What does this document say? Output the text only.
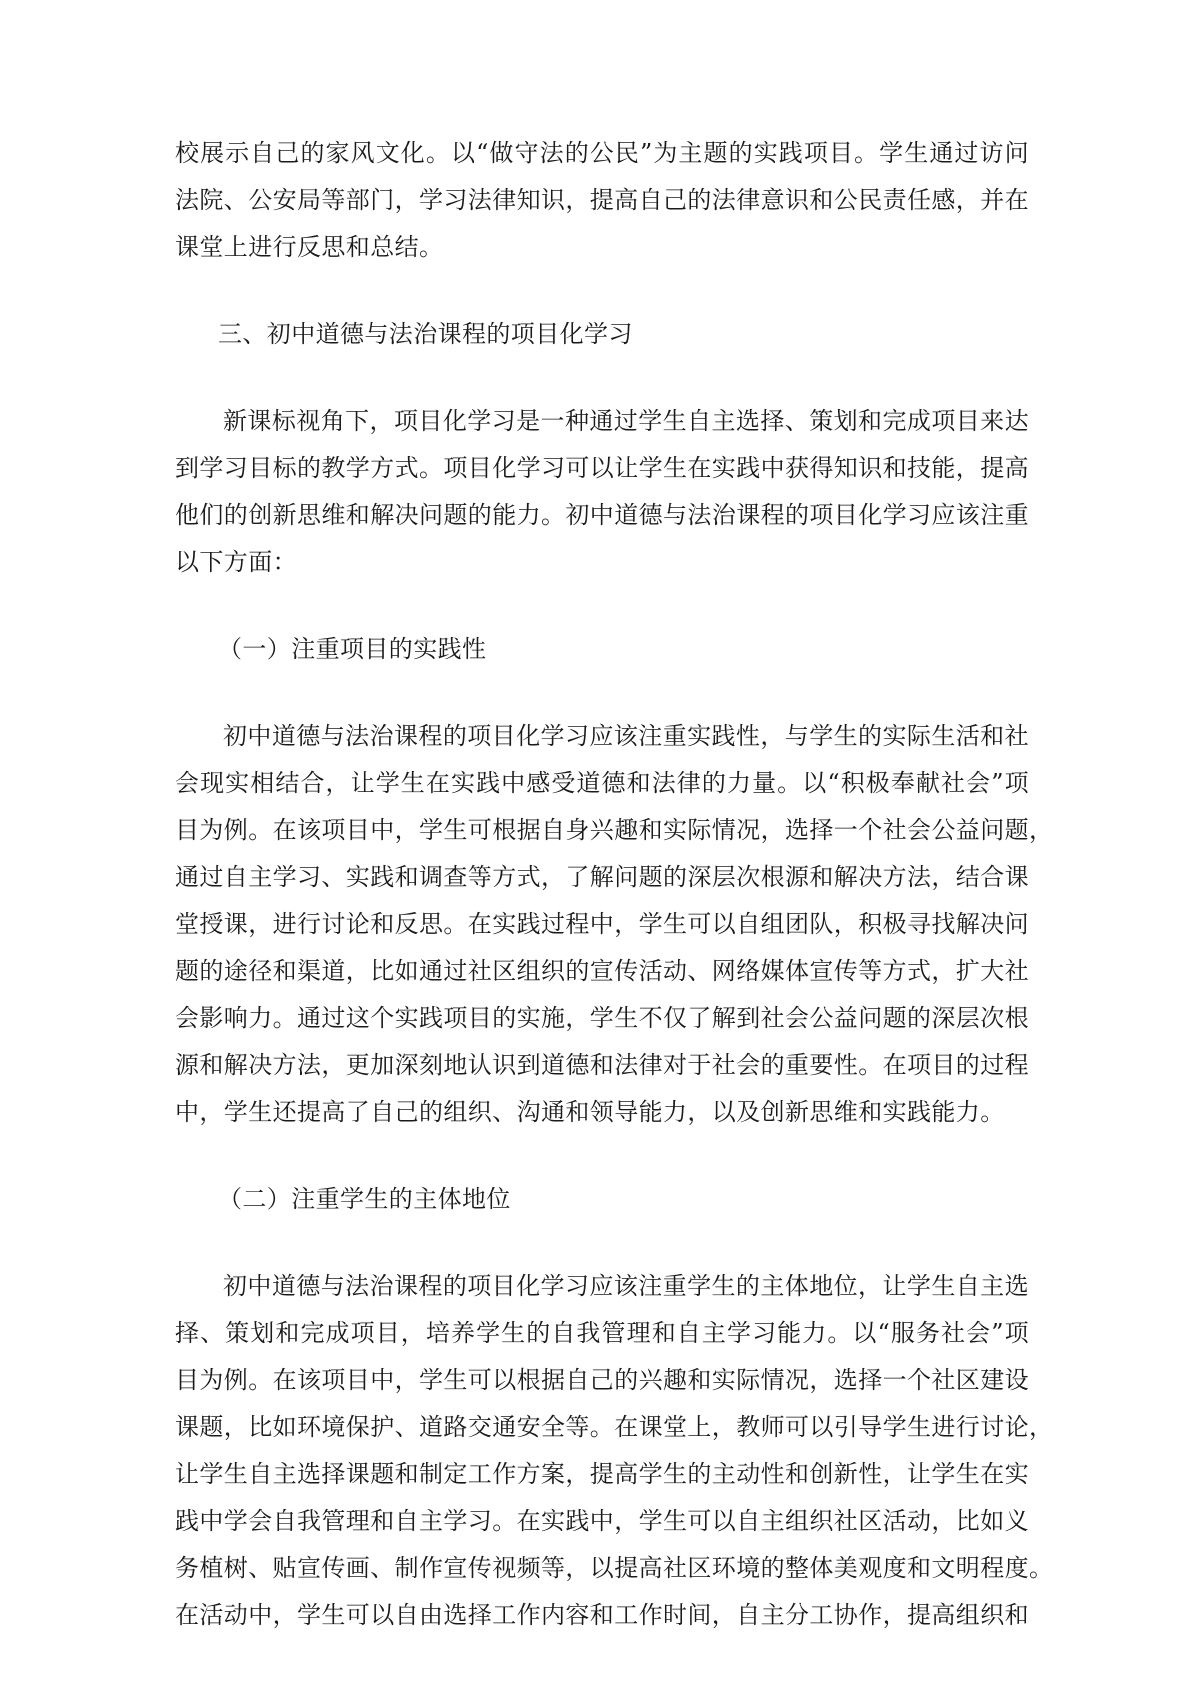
校展示自己的家风文化。以“做守法的公民”为主题的实践项目。学生通过访问
法院、公安局等部门，学习法律知识，提高自己的法律意识和公民责任感，并在
课堂上进行反思和总结。
三、初中道德与法治课程的项目化学习
新课标视角下，项目化学习是一种通过学生自主选择、策划和完成项目来达
到学习目标的教学方式。项目化学习可以让学生在实践中获得知识和技能，提高
他们的创新思维和解决问题的能力。初中道德与法治课程的项目化学习应该注重
以下方面：
（一）注重项目的实践性
初中道德与法治课程的项目化学习应该注重实践性，与学生的实际生活和社
会现实相结合，让学生在实践中感受道德和法律的力量。以“积极奉献社会”项
目为例。在该项目中，学生可根据自身兴趣和实际情况，选择一个社会公益问题，
通过自主学习、实践和调查等方式，了解问题的深层次根源和解决方法，结合课
堂授课，进行讨论和反思。在实践过程中，学生可以自组团队，积极寻找解决问
题的途径和渠道，比如通过社区组织的宣传活动、网络媒体宣传等方式，扩大社
会影响力。通过这个实践项目的实施，学生不仅了解到社会公益问题的深层次根
源和解决方法，更加深刻地认识到道德和法律对于社会的重要性。在项目的过程
中，学生还提高了自己的组织、沟通和领导能力，以及创新思维和实践能力。
（二）注重学生的主体地位
初中道德与法治课程的项目化学习应该注重学生的主体地位，让学生自主选
择、策划和完成项目，培养学生的自我管理和自主学习能力。以“服务社会”项
目为例。在该项目中，学生可以根据自己的兴趣和实际情况，选择一个社区建设
课题，比如环境保护、道路交通安全等。在课堂上，教师可以引导学生进行讨论，
让学生自主选择课题和制定工作方案，提高学生的主动性和创新性，让学生在实
践中学会自我管理和自主学习。在实践中，学生可以自主组织社区活动，比如义
务植树、贴宣传画、制作宣传视频等，以提高社区环境的整体美观度和文明程度。
在活动中，学生可以自由选择工作内容和工作时间，自主分工协作，提高组织和
